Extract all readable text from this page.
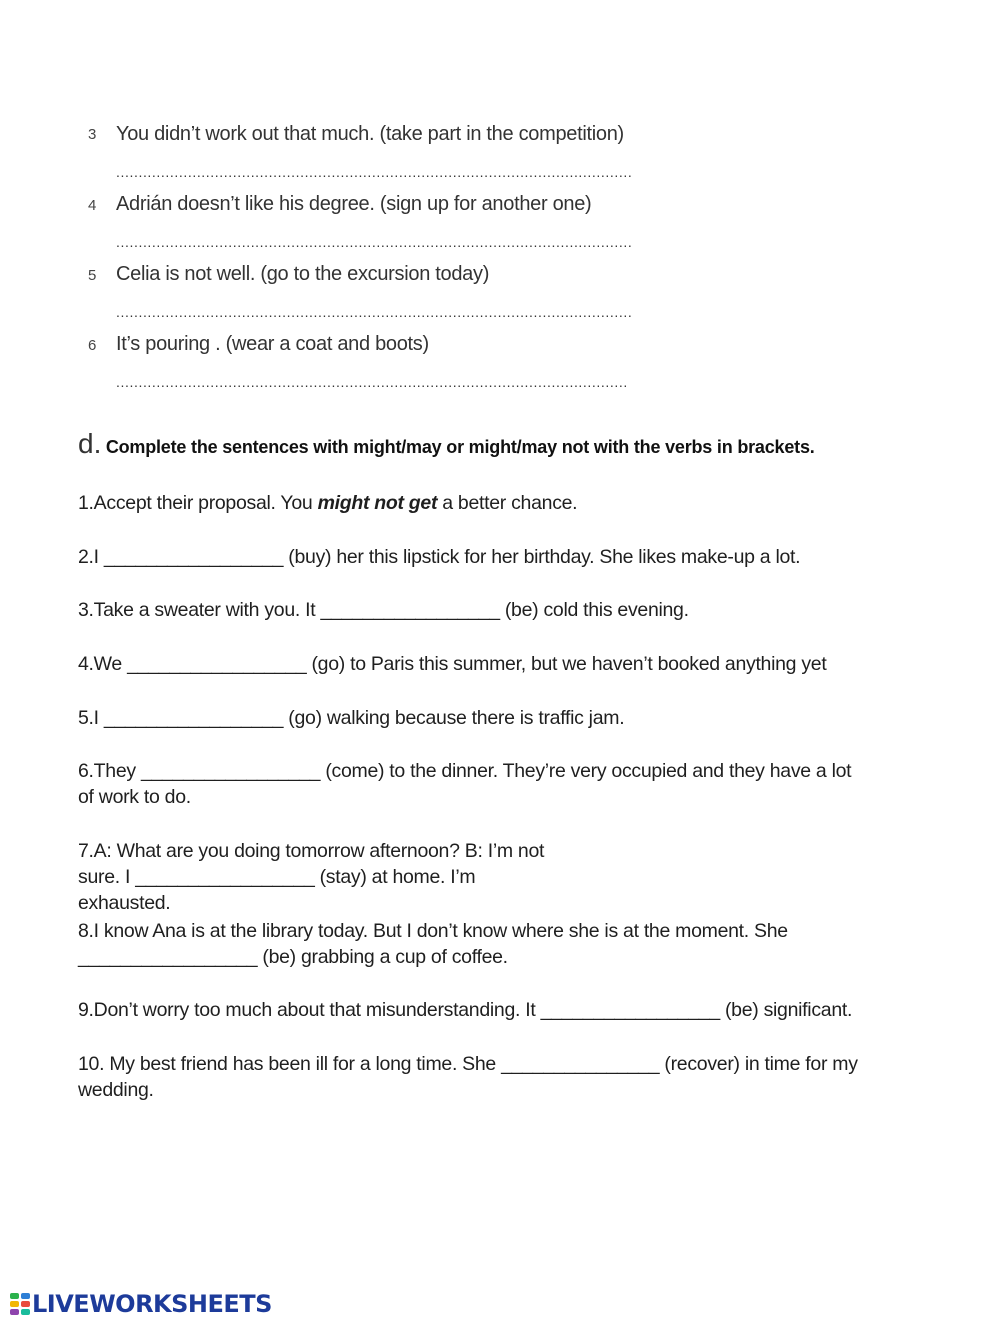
3 You didn’t work out that much. (take part in the competition)
...................................................................................................................
4 Adrián doesn’t like his degree. (sign up for another one)
...................................................................................................................
5 Celia is not well. (go to the excursion today)
...................................................................................................................
6 It’s pouring . (wear a coat and boots)
..................................................................................................................
d. Complete the sentences with might/may or might/may not with the verbs in brackets.
1.Accept their proposal. You might not get a better chance.
2.I _________________ (buy) her this lipstick for her birthday. She likes make-up a lot.
3.Take a sweater with you. It _________________ (be) cold this evening.
4.We _________________ (go) to Paris this summer, but we haven’t booked anything yet
5.I _________________ (go) walking because there is traffic jam.
6.They _________________ (come) to the dinner. They’re very occupied and they have a lot of work to do.
7.A: What are you doing tomorrow afternoon? B: I’m not sure. I _________________ (stay) at home. I’m exhausted.
8.I know Ana is at the library today. But I don’t know where she is at the moment. She _________________ (be) grabbing a cup of coffee.
9.Don’t worry too much about that misunderstanding. It _________________ (be) significant.
10. My best friend has been ill for a long time. She _______________ (recover) in time for my wedding.
LIVEWORKSHEETS
